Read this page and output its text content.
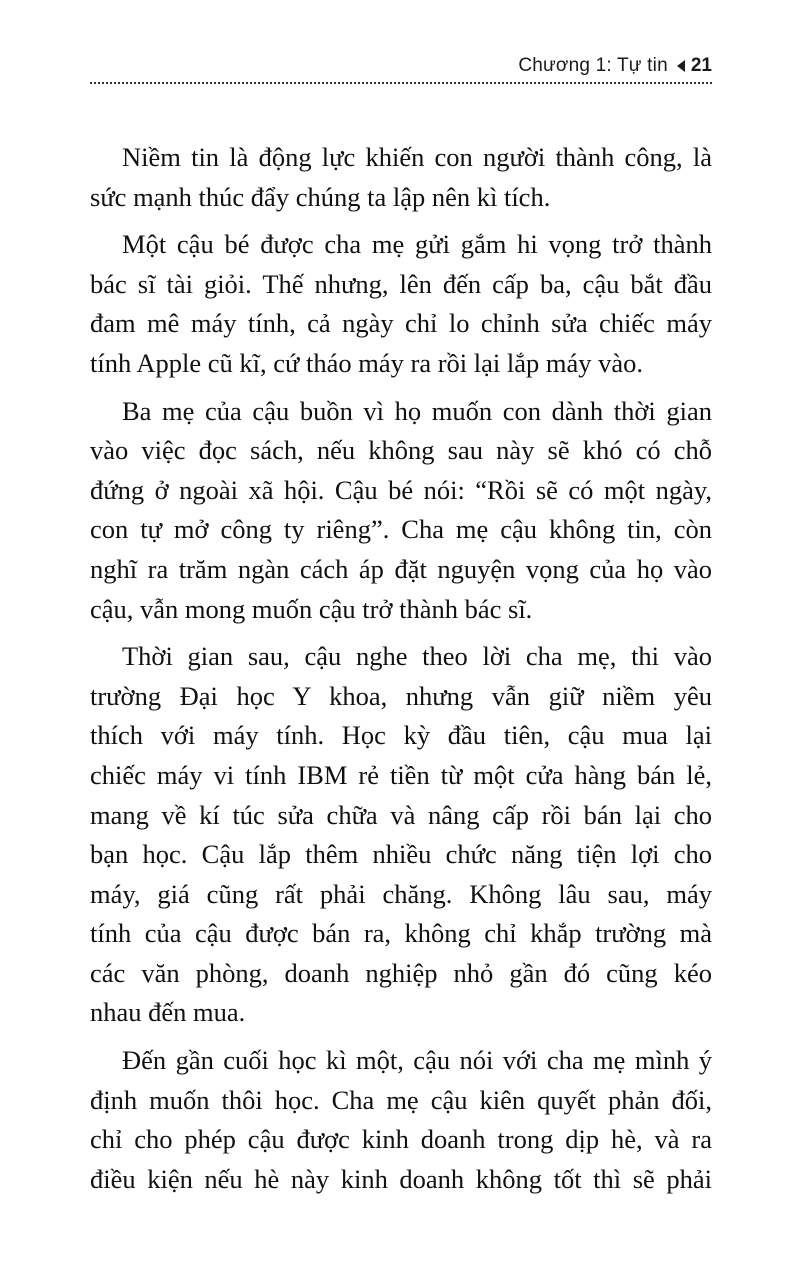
Chương 1: Tự tin 21
Niềm tin là động lực khiến con người thành công, là
sức mạnh thúc đẩy chúng ta lập nên kì tích.
Một cậu bé được cha mẹ gửi gắm hi vọng trở thành
bác sĩ tài giỏi. Thế nhưng, lên đến cấp ba, cậu bắt đầu
đam mê máy tính, cả ngày chỉ lo chỉnh sửa chiếc máy
tính Apple cũ kĩ, cứ tháo máy ra rồi lại lắp máy vào.
Ba mẹ của cậu buồn vì họ muốn con dành thời gian
vào việc đọc sách, nếu không sau này sẽ khó có chỗ
đứng ở ngoài xã hội. Cậu bé nói: “Rồi sẽ có một ngày,
con tự mở công ty riêng”. Cha mẹ cậu không tin, còn
nghĩ ra trăm ngàn cách áp đặt nguyện vọng của họ vào
cậu, vẫn mong muốn cậu trở thành bác sĩ.
Thời gian sau, cậu nghe theo lời cha mẹ, thi vào
trường Đại học Y khoa, nhưng vẫn giữ niềm yêu
thích với máy tính. Học kỳ đầu tiên, cậu mua lại
chiếc máy vi tính IBM rẻ tiền từ một cửa hàng bán lẻ,
mang về kí túc sửa chữa và nâng cấp rồi bán lại cho
bạn học. Cậu lắp thêm nhiều chức năng tiện lợi cho
máy, giá cũng rất phải chăng. Không lâu sau, máy
tính của cậu được bán ra, không chỉ khắp trường mà
các văn phòng, doanh nghiệp nhỏ gần đó cũng kéo
nhau đến mua.
Đến gần cuối học kì một, cậu nói với cha mẹ mình ý
định muốn thôi học. Cha mẹ cậu kiên quyết phản đối,
chỉ cho phép cậu được kinh doanh trong dịp hè, và ra
điều kiện nếu hè này kinh doanh không tốt thì sẽ phải
